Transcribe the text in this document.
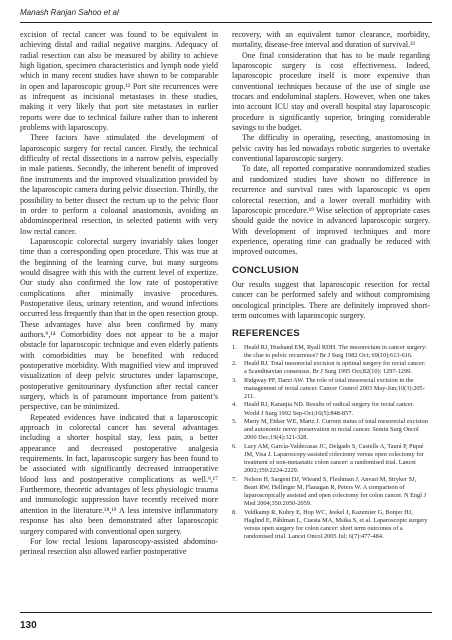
Manash Ranjan Sahoo et al

excision of rectal cancer was found to be equivalent in achieving distal and radial negative margins. Adequacy of radial resection can also be measured by ability to achieve high ligation, specimen characteristics and lymph node yield which in many recent studies have shown to be comparable in open and laparoscopic group.¹² Port site recurrences were as infrequent as incisional metastases in these studies, making it very likely that port site metastases in earlier reports were due to technical failure rather than to inherent problems with laparoscopy.

Three factors have stimulated the development of laparoscopic surgery for rectal cancer. Firstly, the technical difficulty of rectal dissections in a narrow pelvis, especially in male patients. Secondly, the inherent benefit of improved fine instruments and the improved visualization provided by the laparoscopic camera during pelvic dissection. Thirdly, the possibility to better dissect the rectum up to the pelvic floor in order to perform a coloanal anastomosis, avoiding an abdominoperineal resection, in selected patients with very low rectal cancer.

Laparoscopic colorectal surgery invariably takes longer time than a corresponding open procedure. This was true at the beginning of the learning curve, but many surgeons would disagree with this with the current level of expertize. Our study also confirmed the low rate of postoperative complications after minimally invasive procedures. Postoperative ileus, urinary retention, and wound infections occurred less frequently than that in the open resection group. These advantages have also been confirmed by many authors.⁹,¹⁴ Comorbidity does not appear to be a major obstacle for laparoscopic technique and even elderly patients with comorbidities may be benefited with reduced postoperative morbidity. With magnified view and improved visualization of deep pelvic structures under laparoscope, postoperative genitourinary dysfunction after rectal cancer surgery, which is of paramount importance from patient’s perspective, can be minimized.

Repeated evidences have indicated that a laparoscopic approach in colorectal cancer has several advantages including a shorter hospital stay, less pain, a better appearance and decreased postoperative analgesia requirements. In fact, laparoscopic surgery has been found to be associated with significantly decreased intraoperative blood loss and postoperative complications as well.⁹,¹⁷ Furthermore, theoretic advantages of less physiologic trauma and immunologic suppression have recently received more attention in the literature.¹⁸,¹⁹ A less intensive inflammatory response has also been demonstrated after laparoscopic surgery compared with conventional open surgery.

For low rectal lesions laparoscopy-assisted abdomino-perineal resection also allowed earlier postoperative

recovery, with an equivalent tumor clearance, morbidity, mortality, disease-free interval and duration of survival.²³

One final consideration that has to be made regarding laparoscopic surgery is cost effectiveness. Indeed, laparoscopic procedure itself is more expensive than conventional techniques because of the use of single use trocars and endoluminal staplers. However, when one takes into account ICU stay and overall hospital stay laparoscopic procedure is significantly superior, bringing considerable savings to the budget.

The difficulty in operating, resecting, anastomosing in pelvic cavity has led nowadays robotic surgeries to overtake conventional laparoscopic surgery.

To date, all reported comparative nonrandomized studies and randomized studies have shown no difference in recurrence and survival rates with laparoscopic vs open colorectal resection, and a lower overall morbidity with laparoscopic procedure.¹⁹ Wise selection of appropriate cases should guide the novice in advanced laparoscopic surgery. With development of improved techniques and more experience, operating time can gradually be reduced with improved outcomes.

CONCLUSION

Our results suggest that laparoscopic resection for rectal cancer can be performed safely and without compromising oncological principles. There are definitely improved short-term outcomes with laparoscopic surgery.

REFERENCES
1. Heald RJ, Husband EM, Ryall RDH. The mesorectum in cancer surgery: the clue to pelvic recurrence? Br J Surg 1982 Oct; 69(10):613-616.
2. Heald RJ. Total mesorectal excision is optimal surgery for rectal cancer: a Scandinavian consensus. Br J Surg 1995 Oct;82(10): 1297-1299.
3. Ridgway PF, Darzi AW. The role of total mesorectal excision in the management of rectal cancer. Cancer Control 2003 May-Jun;10(3):205-211.
4. Heald RJ, Karanjia ND. Results of radical surgery for rectal cancer. World J Surg 1992 Sep-Oct;16(5):848-857.
5. Marty M, Ettker WE, Martz J. Current status of total mesorectal excision and autonomic nerve preservation in rectal cancer. Semin Surg Oncol 2000 Dec;19(4):321-328.
6. Lacy AM, García-Valdecasas JC, Delgado S, Castells A, Taurá P, Piqué JM, Visa J. Laparoscopy-assisted colectomy versus open colectomy for treatment of non-metastatic colon cancer: a randomised trial. Lancet 2002;359:2224-2229.
7. Nelson H, Sargent DJ, Wieand S, Fleshman J, Anvari M, Stryker SJ, Beart RW, Hellinger M, Flanagan R, Peters W. A comparison of laparoscopically assisted and open colectomy for colon cancer. N Engl J Med 2004;350:2050-2059.
8. Veldkamp R, Kuhry E, Hop WC, Jeekel J, Kazemier G, Bonjer HJ, Haglind E, Påhlman L, Cuesta MA, Msika S, et al. Laparoscopic surgery versus open surgery for colon cancer: short term outcomes of a randomised trial. Lancet Oncol 2005 Jul; 6(7):477-484.
130
